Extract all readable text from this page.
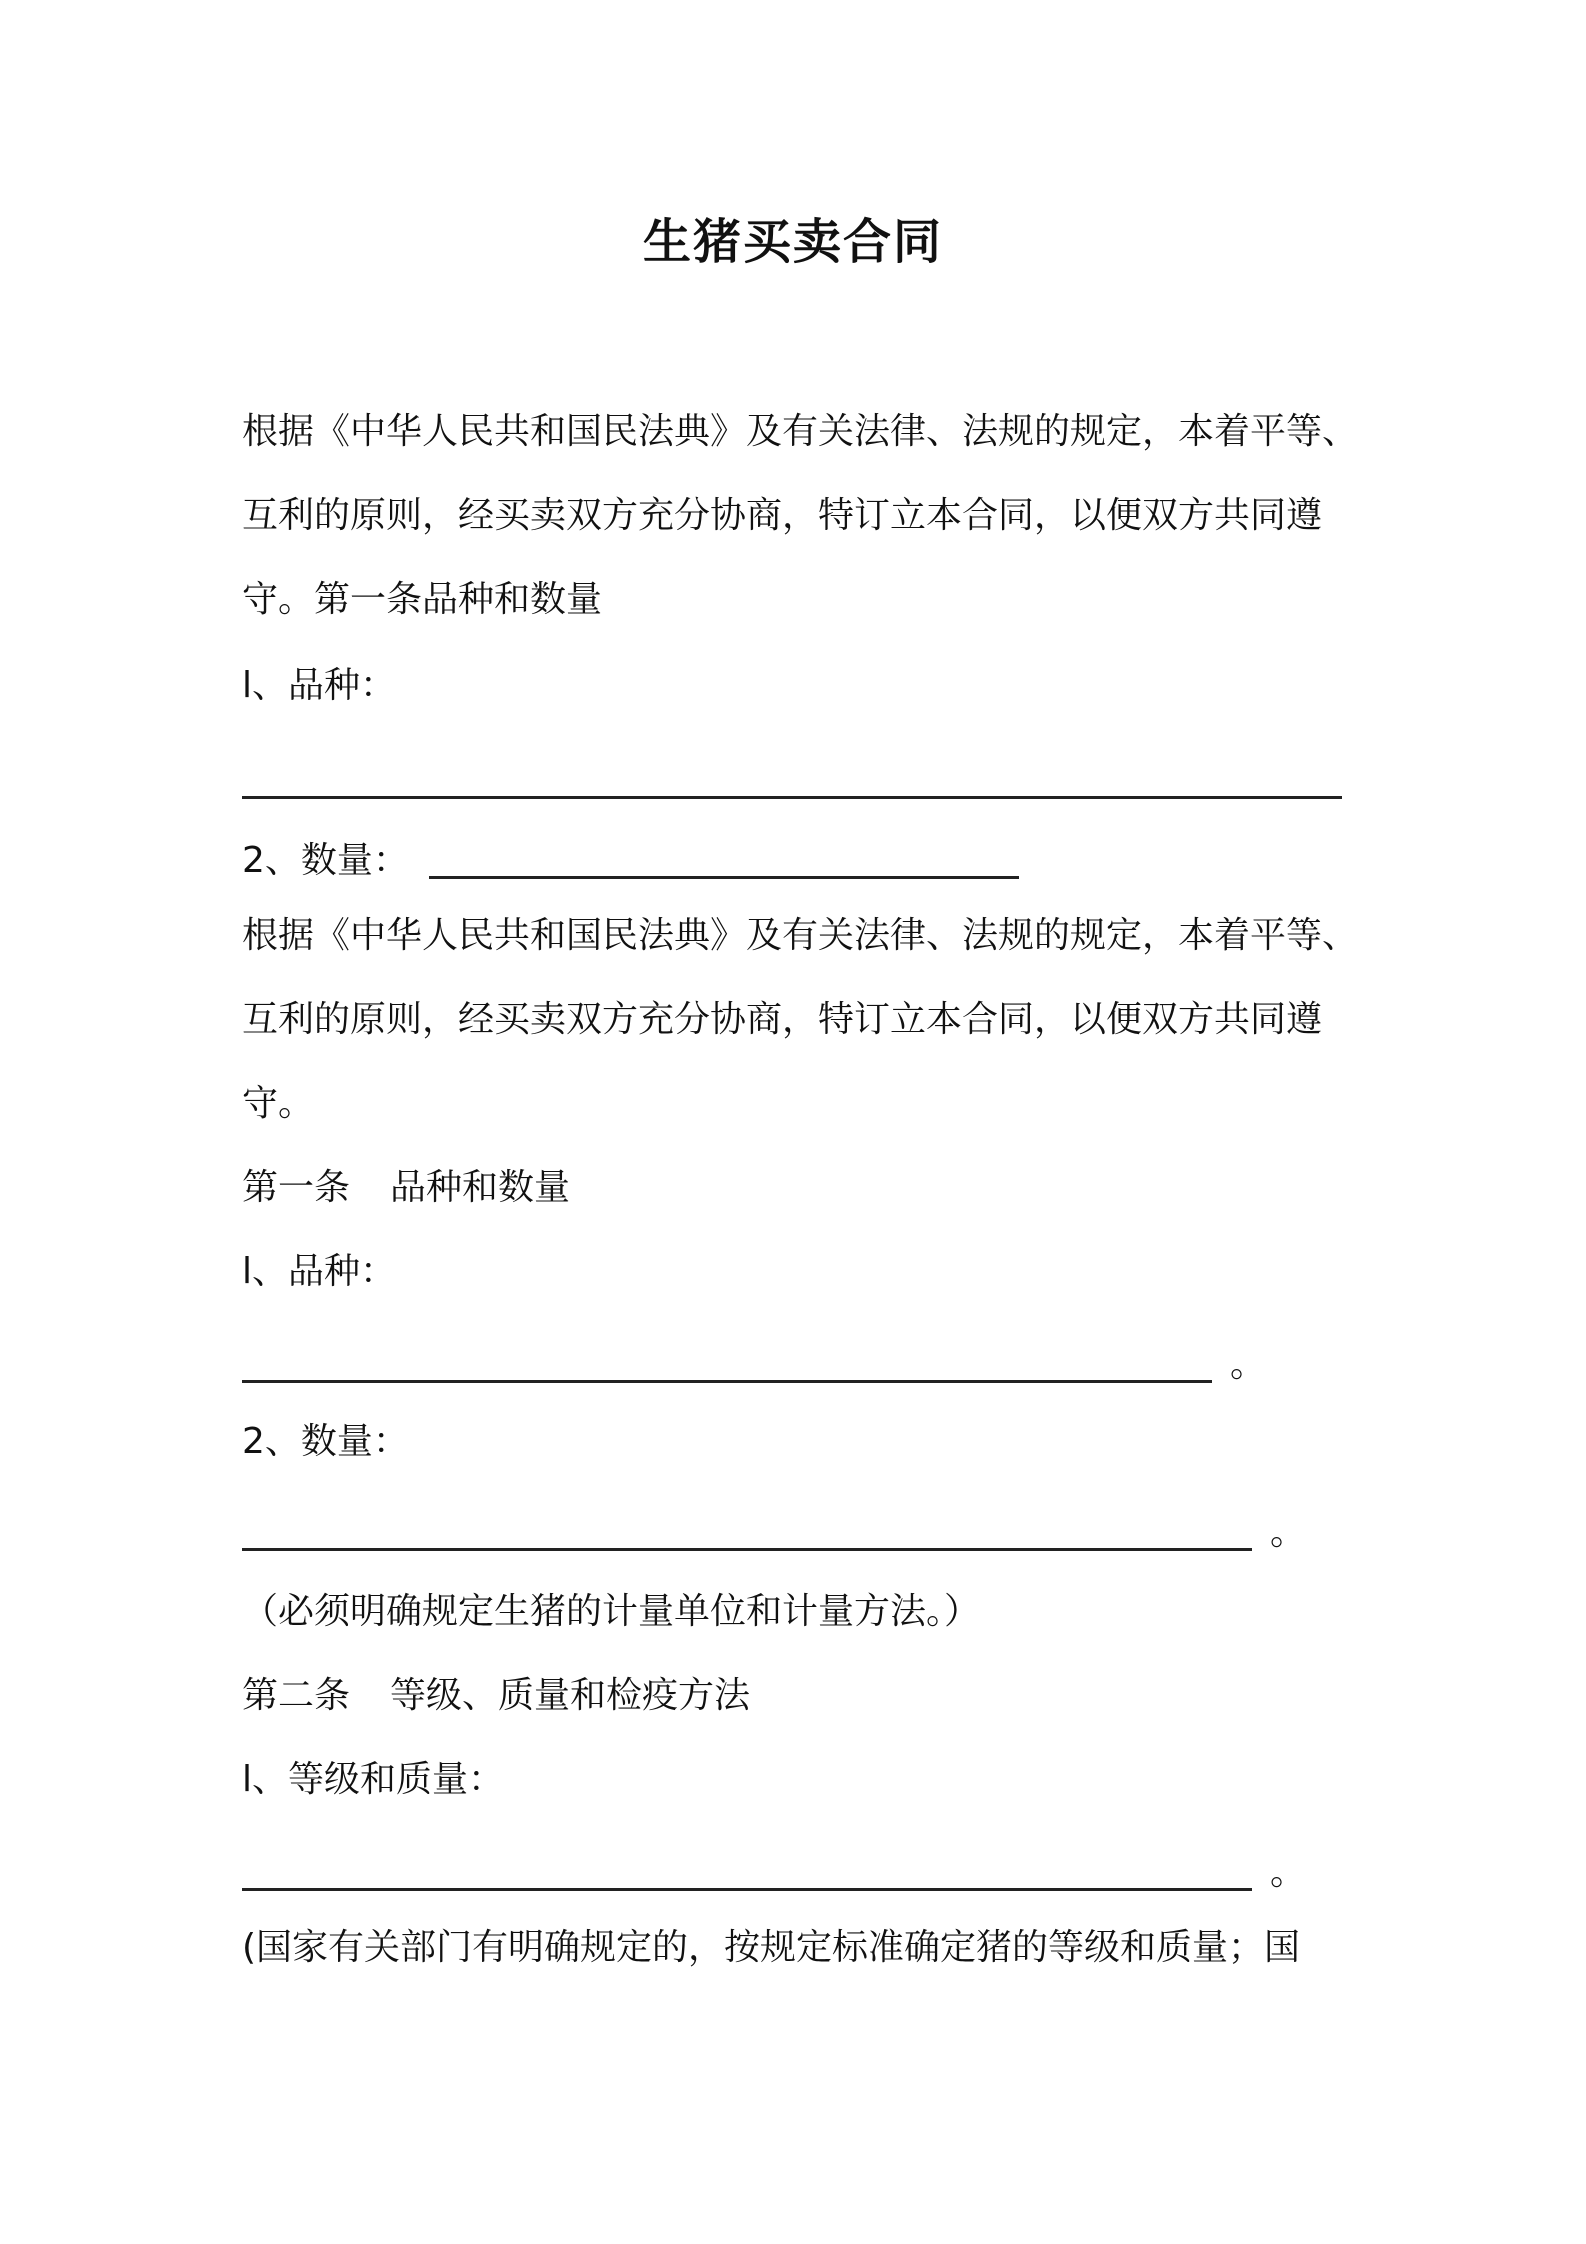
生猪买卖合同
根据《中华人民共和国民法典》及有关法律、法规的规定，本着平等、
互利的原则，经买卖双方充分协商，特订立本合同，以便双方共同遵
守。第一条品种和数量
l、品种：
2、数量：
根据《中华人民共和国民法典》及有关法律、法规的规定，本着平等、
互利的原则，经买卖双方充分协商，特订立本合同，以便双方共同遵
守。
第一条 品种和数量
l、品种：
。
2、数量：
。
（必须明确规定生猪的计量单位和计量方法。）
第二条 等级、质量和检疫方法
l、等级和质量：
。
(国家有关部门有明确规定的，按规定标准确定猪的等级和质量；国
